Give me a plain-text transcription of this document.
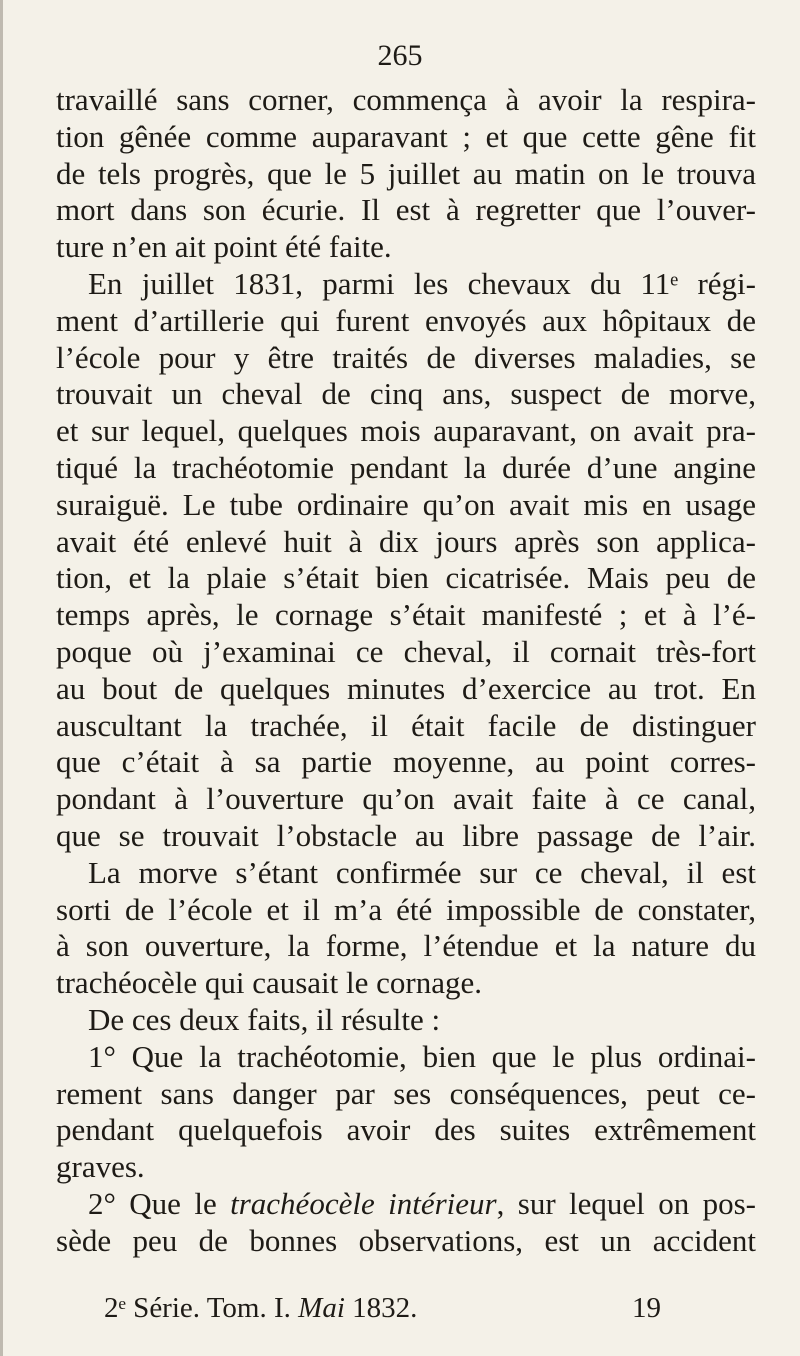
265
travaillé sans corner, commença à avoir la respira-
tion gênée comme auparavant ; et que cette gêne fit
de tels progrès, que le 5 juillet au matin on le trouva
mort dans son écurie. Il est à regretter que l’ouver-
ture n’en ait point été faite.
En juillet 1831, parmi les chevaux du 11ᵉ régi-
ment d’artillerie qui furent envoyés aux hôpitaux de
l’école pour y être traités de diverses maladies, se
trouvait un cheval de cinq ans, suspect de morve,
et sur lequel, quelques mois auparavant, on avait pra-
tiqué la trachéotomie pendant la durée d’une angine
suraiguë. Le tube ordinaire qu’on avait mis en usage
avait été enlevé huit à dix jours après son applica-
tion, et la plaie s’était bien cicatrisée. Mais peu de
temps après, le cornage s’était manifesté ; et à l’é-
poque où j’examinai ce cheval, il cornait très-fort
au bout de quelques minutes d’exercice au trot. En
auscultant la trachée, il était facile de distinguer
que c’était à sa partie moyenne, au point corres-
pondant à l’ouverture qu’on avait faite à ce canal,
que se trouvait l’obstacle au libre passage de l’air.
La morve s’étant confirmée sur ce cheval, il est
sorti de l’école et il m’a été impossible de constater,
à son ouverture, la forme, l’étendue et la nature du
trachéocèle qui causait le cornage.
De ces deux faits, il résulte :
1° Que la trachéotomie, bien que le plus ordinai-
rement sans danger par ses conséquences, peut ce-
pendant quelquefois avoir des suites extrêmement
graves.
2° Que le trachéocèle intérieur, sur lequel on pos-
sède peu de bonnes observations, est un accident
2ᵉ Série. Tom. I. Mai 1832.	19
